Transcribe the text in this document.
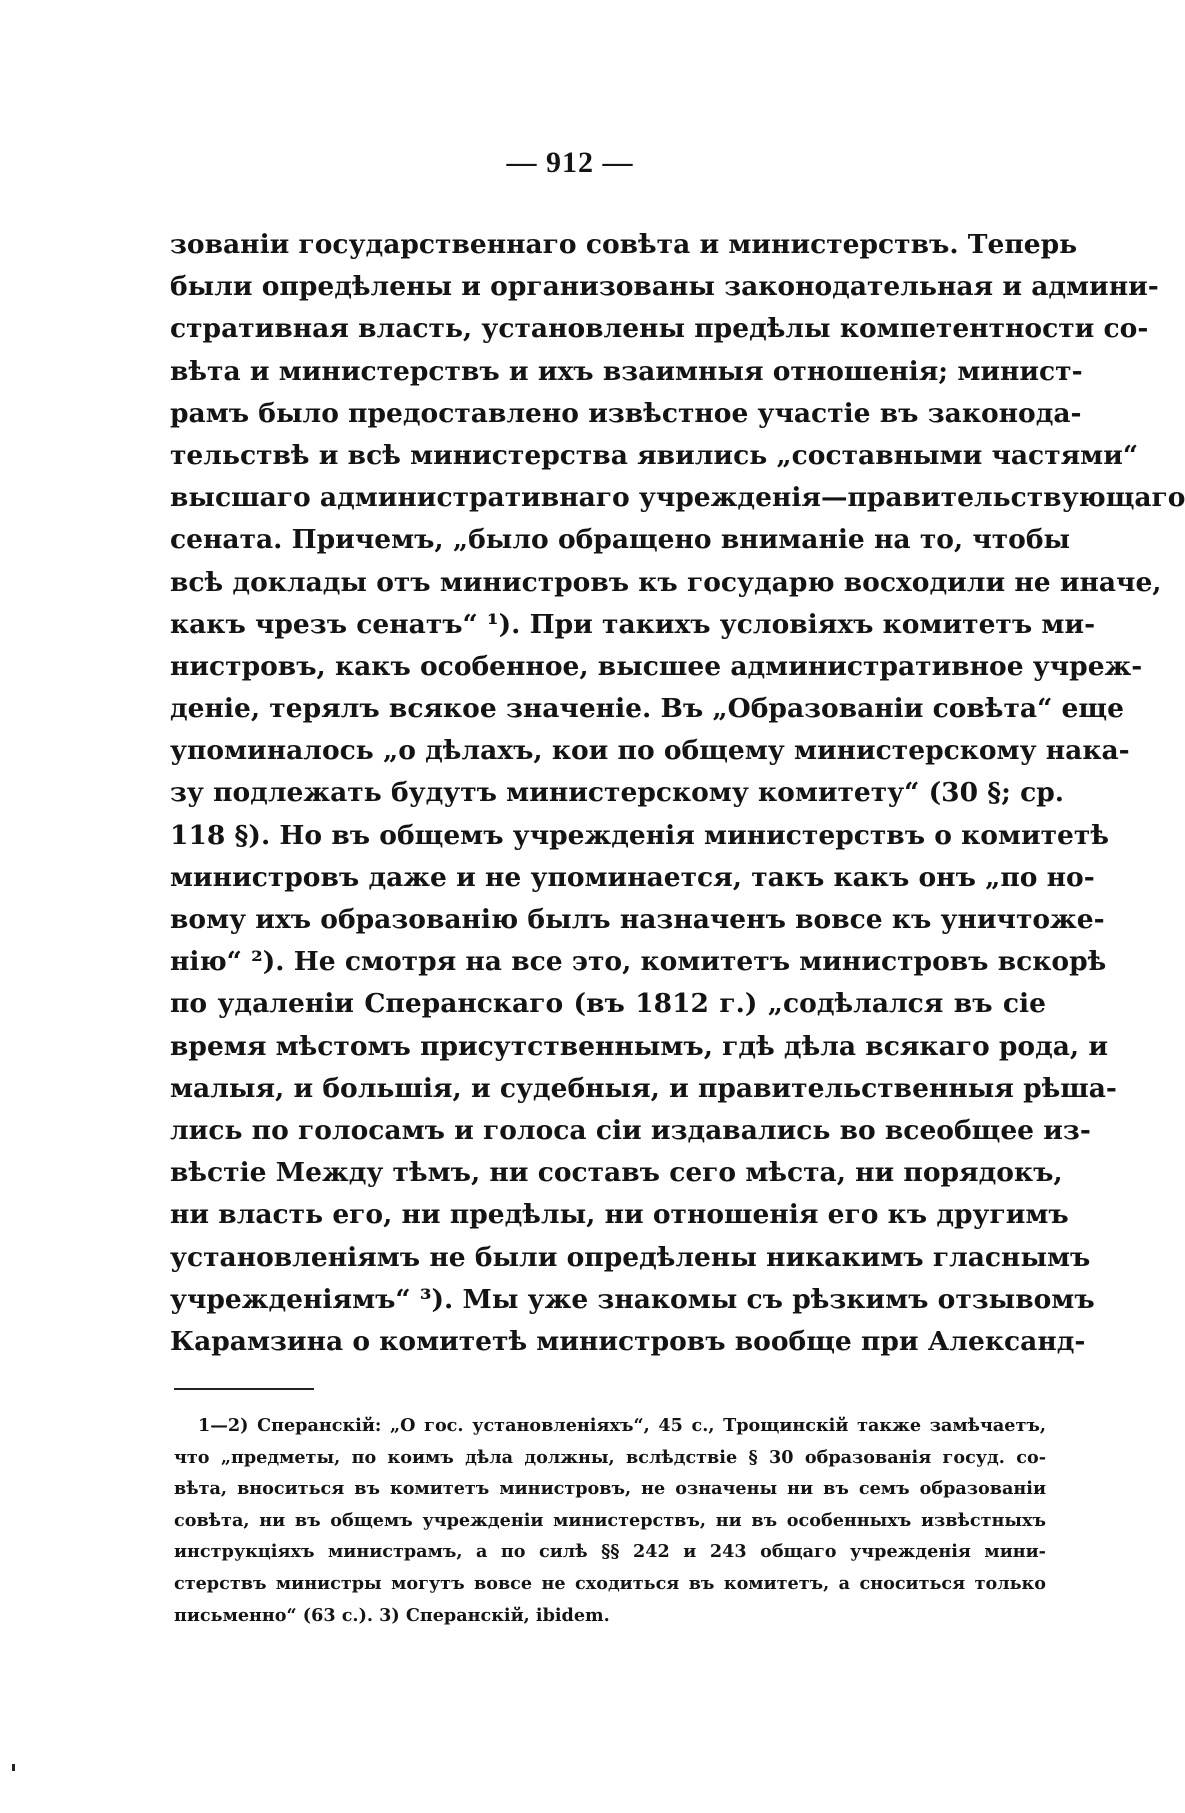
— 912 —
зованіи государственнаго совѣта и министерствъ. Теперь
были опредѣлены и организованы законодательная и админи-
стративная власть, установлены предѣлы компетентности со-
вѣта и министерствъ и ихъ взаимныя отношенія; минист-
рамъ было предоставлено извѣстное участіе въ законода-
тельствѣ и всѣ министерства явились „составными частями“
высшаго административнаго учрежденія—правительствующаго
сената. Причемъ, „было обращено вниманіе на то, чтобы
всѣ доклады отъ министровъ къ государю восходили не иначе,
какъ чрезъ сенатъ“ ¹). При такихъ условіяхъ комитетъ ми-
нистровъ, какъ особенное, высшее административное учреж-
деніе, терялъ всякое значеніе. Въ „Образованіи совѣта“ еще
упоминалось „о дѣлахъ, кои по общему министерскому нака-
зу подлежать будутъ министерскому комитету“ (30 §; ср.
118 §). Но въ общемъ учрежденія министерствъ о комитетѣ
министровъ даже и не упоминается, такъ какъ онъ „по но-
вому ихъ образованію былъ назначенъ вовсе къ уничтоже-
нію“ ²). Не смотря на все это, комитетъ министровъ вскорѣ
по удаленіи Сперанскаго (въ 1812 г.) „содѣлался въ сіе
время мѣстомъ присутственнымъ, гдѣ дѣла всякаго рода, и
малыя, и большія, и судебныя, и правительственныя рѣша-
лись по голосамъ и голоса сіи издавались во всеобщее из-
вѣстіе Между тѣмъ, ни составъ сего мѣста, ни порядокъ,
ни власть его, ни предѣлы, ни отношенія его къ другимъ
установленіямъ не были опредѣлены никакимъ гласнымъ
учрежденіямъ“ ³). Мы уже знакомы съ рѣзкимъ отзывомъ
Карамзина о комитетѣ министровъ вообще при Александ-
1—2) Сперанскій: „О гос. установленіяхъ“, 45 с., Трощинскій также замѣчаетъ,
что „предметы, по коимъ дѣла должны, вслѣдствіе § 30 образованія госуд. со-
вѣта, вноситься въ комитетъ министровъ, не означены ни въ семъ образованіи
совѣта, ни въ общемъ учрежденіи министерствъ, ни въ особенныхъ извѣстныхъ
инструкціяхъ министрамъ, а по силѣ §§ 242 и 243 общаго учрежденія мини-
стерствъ министры могутъ вовсе не сходиться въ комитетъ, а сноситься только
письменно“ (63 с.). 3) Сперанскій, ibidem.
